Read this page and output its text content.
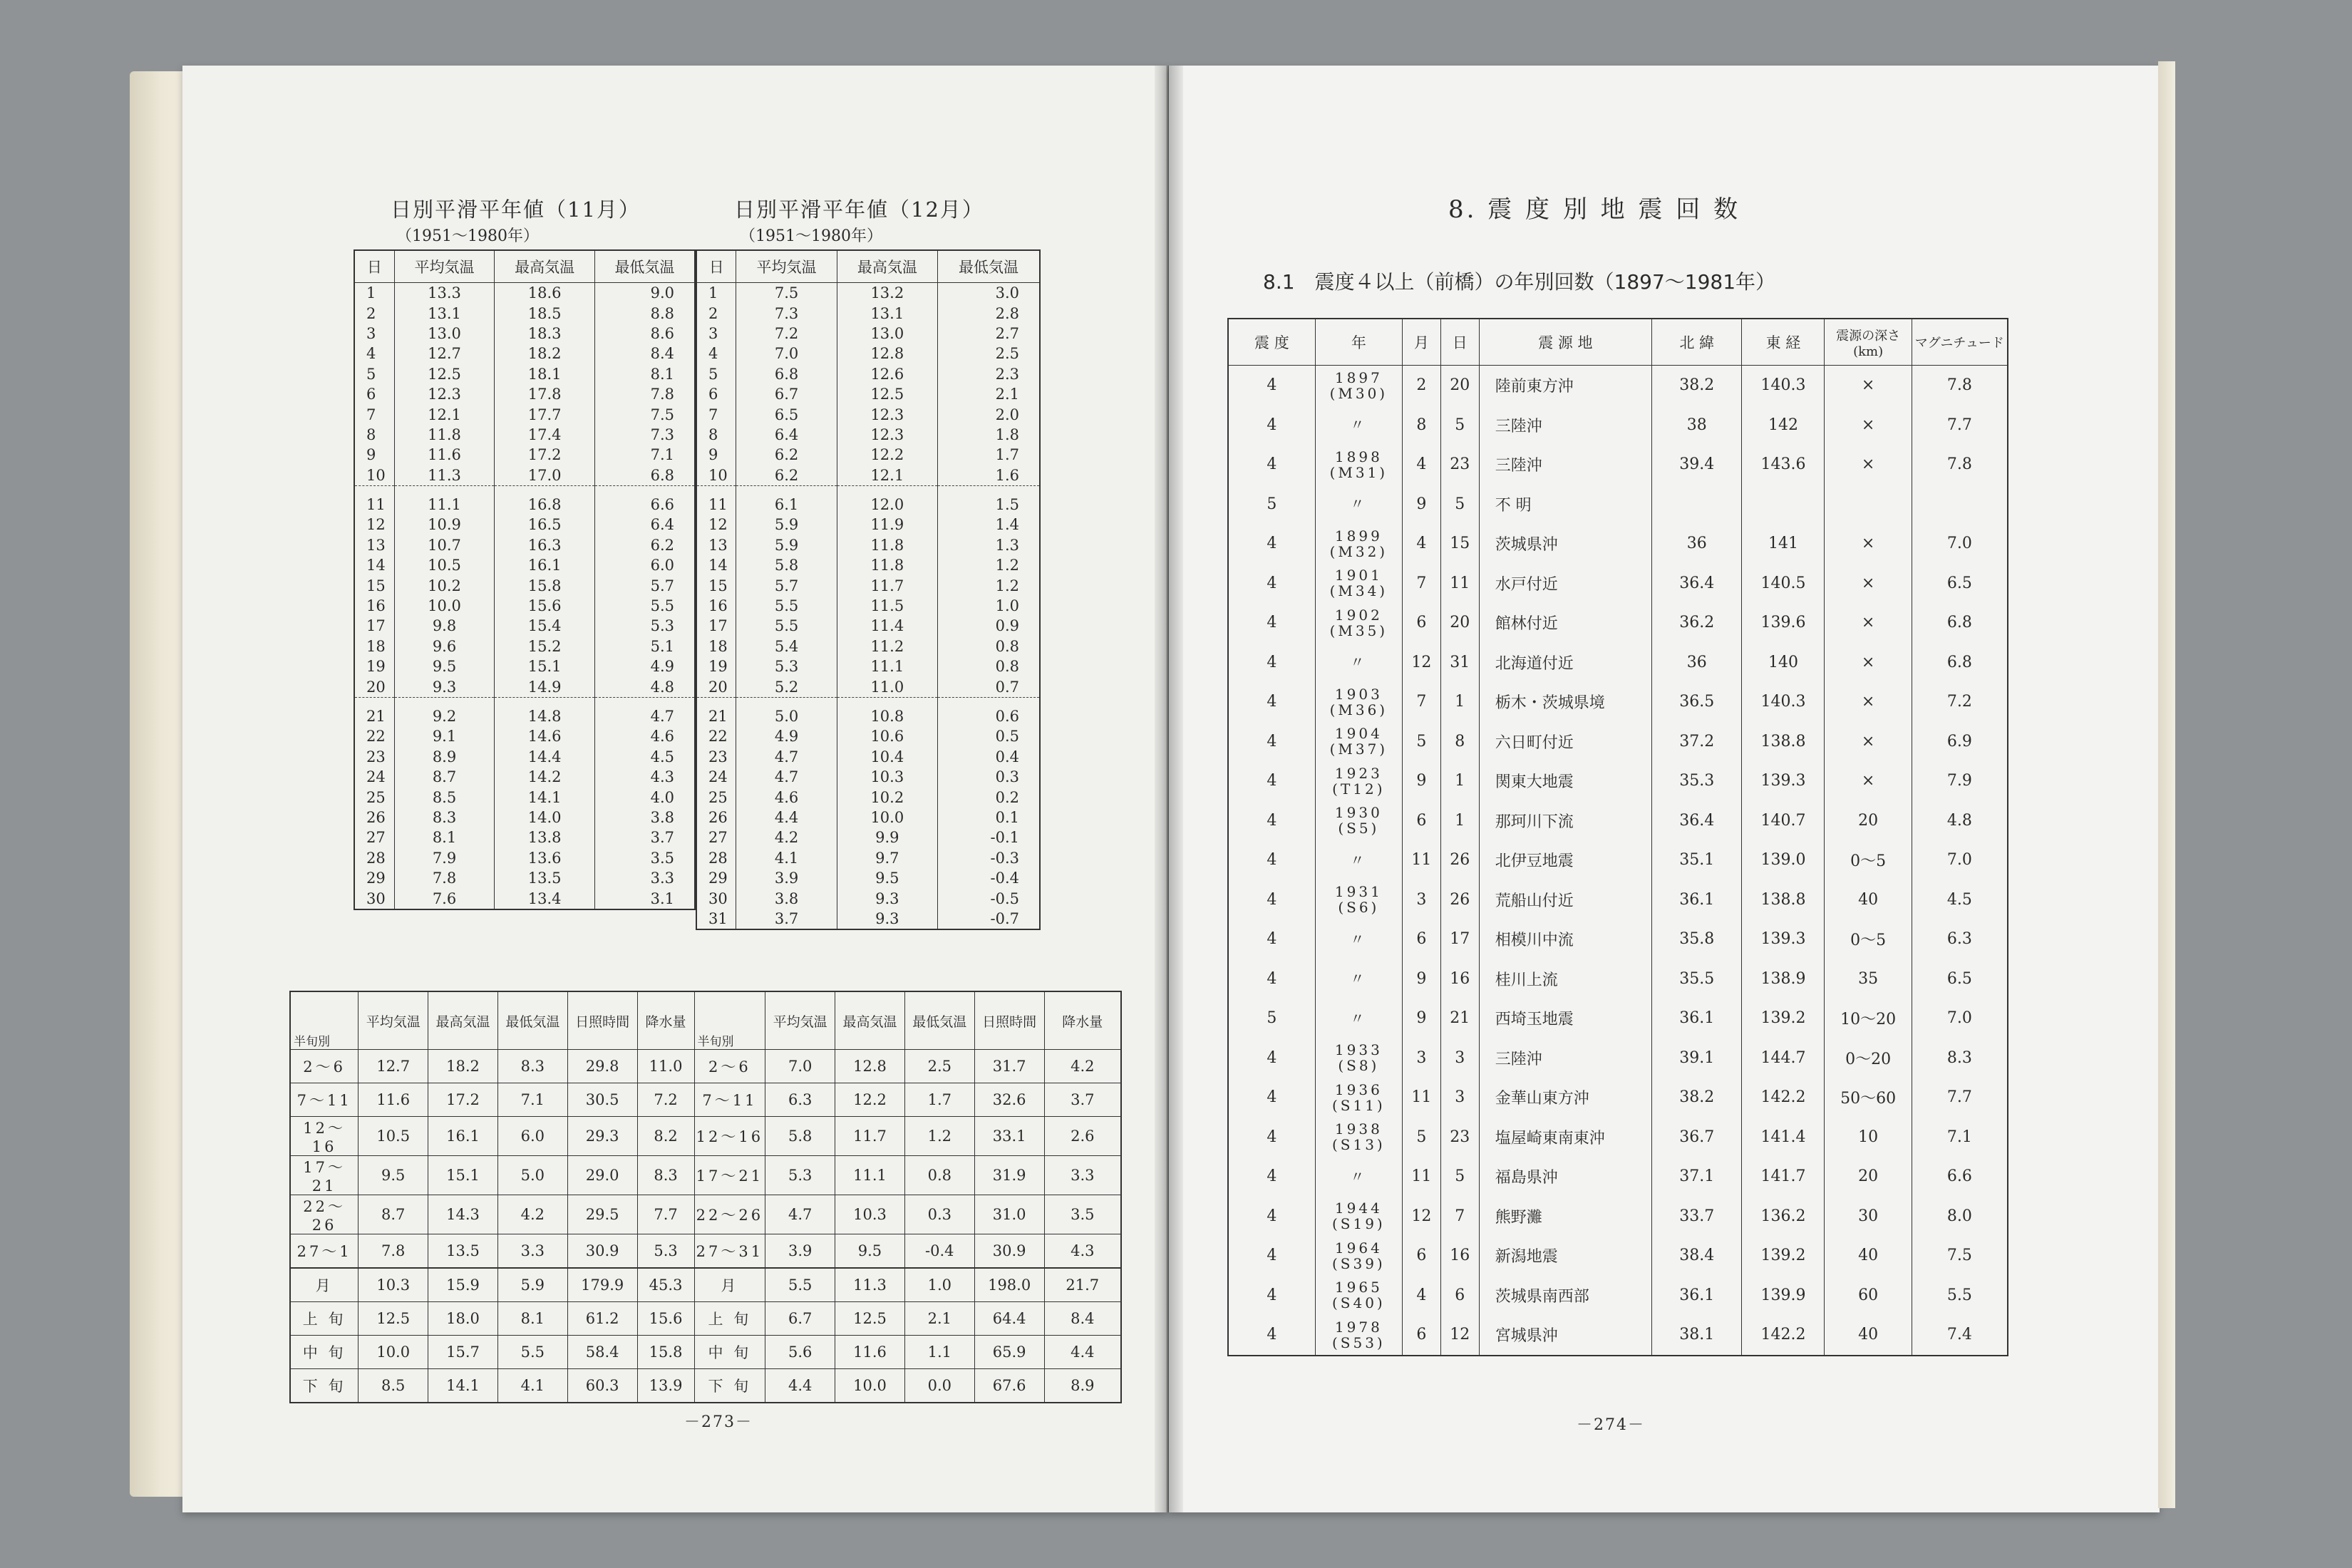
日別平滑平年値（11月）
（1951～1980年）
日別平滑平年値（12月）
（1951～1980年）
日	平均気温	最高気温	最低気温
1	13.3	18.6	9.0
2	13.1	18.5	8.8
3	13.0	18.3	8.6
4	12.7	18.2	8.4
5	12.5	18.1	8.1
6	12.3	17.8	7.8
7	12.1	17.7	7.5
8	11.8	17.4	7.3
9	11.6	17.2	7.1
10	11.3	17.0	6.8

11	11.1	16.8	6.6
12	10.9	16.5	6.4
13	10.7	16.3	6.2
14	10.5	16.1	6.0
15	10.2	15.8	5.7
16	10.0	15.6	5.5
17	9.8	15.4	5.3
18	9.6	15.2	5.1
19	9.5	15.1	4.9
20	9.3	14.9	4.8

21	9.2	14.8	4.7
22	9.1	14.6	4.6
23	8.9	14.4	4.5
24	8.7	14.2	4.3
25	8.5	14.1	4.0
26	8.3	14.0	3.8
27	8.1	13.8	3.7
28	7.9	13.6	3.5
29	7.8	13.5	3.3
30	7.6	13.4	3.1
日	平均気温	最高気温	最低気温
1	7.5	13.2	3.0
2	7.3	13.1	2.8
3	7.2	13.0	2.7
4	7.0	12.8	2.5
5	6.8	12.6	2.3
6	6.7	12.5	2.1
7	6.5	12.3	2.0
8	6.4	12.3	1.8
9	6.2	12.2	1.7
10	6.2	12.1	1.6

11	6.1	12.0	1.5
12	5.9	11.9	1.4
13	5.9	11.8	1.3
14	5.8	11.8	1.2
15	5.7	11.7	1.2
16	5.5	11.5	1.0
17	5.5	11.4	0.9
18	5.4	11.2	0.8
19	5.3	11.1	0.8
20	5.2	11.0	0.7

21	5.0	10.8	0.6
22	4.9	10.6	0.5
23	4.7	10.4	0.4
24	4.7	10.3	0.3
25	4.6	10.2	0.2
26	4.4	10.0	0.1
27	4.2	9.9	-0.1
28	4.1	9.7	-0.3
29	3.9	9.5	-0.4
30	3.8	9.3	-0.5
31	3.7	9.3	-0.7
半旬別	平均気温	最高気温	最低気温	日照時間	降水量	半旬別	平均気温	最高気温	最低気温	日照時間	降水量
2～6	12.7	18.2	8.3	29.8	11.0	2～6	7.0	12.8	2.5	31.7	4.2
7～11	11.6	17.2	7.1	30.5	7.2	7～11	6.3	12.2	1.7	32.6	3.7
12～16	10.5	16.1	6.0	29.3	8.2	12～16	5.8	11.7	1.2	33.1	2.6
17～21	9.5	15.1	5.0	29.0	8.3	17～21	5.3	11.1	0.8	31.9	3.3
22～26	8.7	14.3	4.2	29.5	7.7	22～26	4.7	10.3	0.3	31.0	3.5
27～1	7.8	13.5	3.3	30.9	5.3	27～31	3.9	9.5	-0.4	30.9	4.3
月	10.3	15.9	5.9	179.9	45.3	月	5.5	11.3	1.0	198.0	21.7
上 旬	12.5	18.0	8.1	61.2	15.6	上 旬	6.7	12.5	2.1	64.4	8.4
中 旬	10.0	15.7	5.5	58.4	15.8	中 旬	5.6	11.6	1.1	65.9	4.4
下 旬	8.5	14.1	4.1	60.3	13.9	下 旬	4.4	10.0	0.0	67.6	8.9
－273－
8. 震 度 別 地 震 回 数
8.1　震度４以上（前橋）の年別回数（1897～1981年）
震 度	年	月	日	震 源 地	北 緯	東 経	震源の深さ(km)	マグニチュード
4	1897 (M30)	2	20	陸前東方沖	38.2	140.3	×	7.8
4	〃	8	5	三陸沖	38	142	×	7.7
4	1898 (M31)	4	23	三陸沖	39.4	143.6	×	7.8
5	〃	9	5	不 明				
4	1899 (M32)	4	15	茨城県沖	36	141	×	7.0
4	1901 (M34)	7	11	水戸付近	36.4	140.5	×	6.5
4	1902 (M35)	6	20	館林付近	36.2	139.6	×	6.8
4	〃	12	31	北海道付近	36	140	×	6.8
4	1903 (M36)	7	1	栃木・茨城県境	36.5	140.3	×	7.2
4	1904 (M37)	5	8	六日町付近	37.2	138.8	×	6.9
4	1923 (T12)	9	1	関東大地震	35.3	139.3	×	7.9
4	1930 (S5)	6	1	那珂川下流	36.4	140.7	20	4.8
4	〃	11	26	北伊豆地震	35.1	139.0	0～5	7.0
4	1931 (S6)	3	26	荒船山付近	36.1	138.8	40	4.5
4	〃	6	17	相模川中流	35.8	139.3	0～5	6.3
4	〃	9	16	桂川上流	35.5	138.9	35	6.5
5	〃	9	21	西埼玉地震	36.1	139.2	10～20	7.0
4	1933 (S8)	3	3	三陸沖	39.1	144.7	0～20	8.3
4	1936 (S11)	11	3	金華山東方沖	38.2	142.2	50～60	7.7
4	1938 (S13)	5	23	塩屋崎東南東沖	36.7	141.4	10	7.1
4	〃	11	5	福島県沖	37.1	141.7	20	6.6
4	1944 (S19)	12	7	熊野灘	33.7	136.2	30	8.0
4	1964 (S39)	6	16	新潟地震	38.4	139.2	40	7.5
4	1965 (S40)	4	6	茨城県南西部	36.1	139.9	60	5.5
4	1978 (S53)	6	12	宮城県沖	38.1	142.2	40	7.4
－274－
